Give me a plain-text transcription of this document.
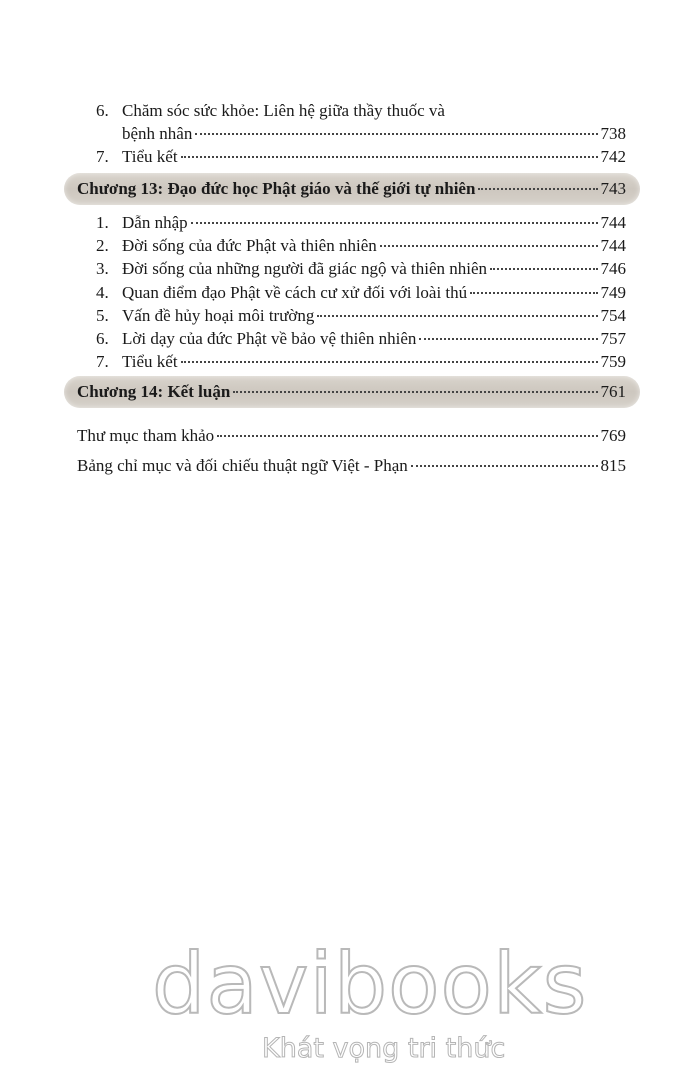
6. Chăm sóc sức khỏe: Liên hệ giữa thầy thuốc và
bệnh nhân	738
7. Tiểu kết	742
Chương 13: Đạo đức học Phật giáo và thế giới tự nhiên	743
1. Dẫn nhập	744
2. Đời sống của đức Phật và thiên nhiên	744
3. Đời sống của những người đã giác ngộ và thiên nhiên	746
4. Quan điểm đạo Phật về cách cư xử đối với loài thú	749
5. Vấn đề hủy hoại môi trường	754
6. Lời dạy của đức Phật về bảo vệ thiên nhiên	757
7. Tiểu kết	759
Chương 14: Kết luận	761
Thư mục tham khảo	769
Bảng chỉ mục và đối chiếu thuật ngữ Việt - Phạn	815
davibooks
Khát vọng tri thức
